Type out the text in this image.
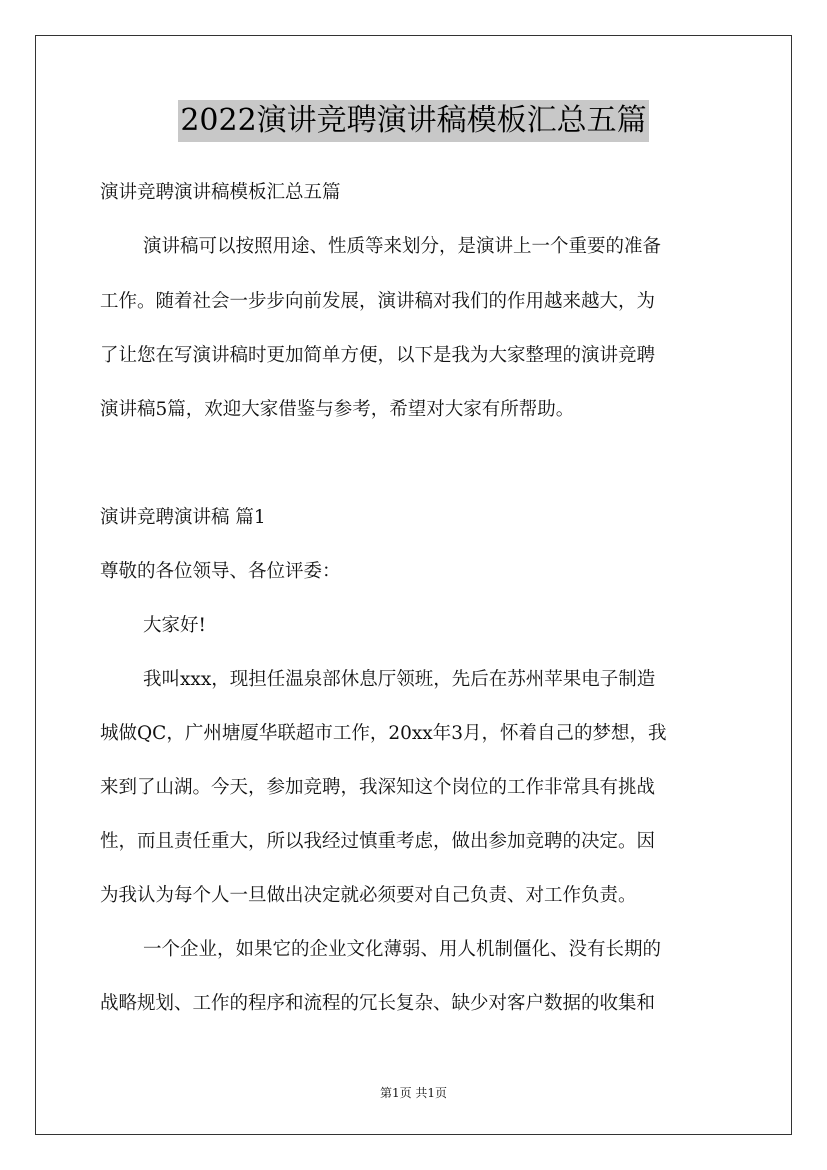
2022演讲竞聘演讲稿模板汇总五篇
演讲竞聘演讲稿模板汇总五篇
演讲稿可以按照用途、性质等来划分，是演讲上一个重要的准备
工作。随着社会一步步向前发展，演讲稿对我们的作用越来越大，为
了让您在写演讲稿时更加简单方便，以下是我为大家整理的演讲竞聘
演讲稿5篇，欢迎大家借鉴与参考，希望对大家有所帮助。
演讲竞聘演讲稿 篇1
尊敬的各位领导、各位评委：
大家好!
我叫xxx，现担任温泉部休息厅领班，先后在苏州苹果电子制造
城做QC，广州塘厦华联超市工作，20xx年3月，怀着自己的梦想，我
来到了山湖。今天，参加竞聘，我深知这个岗位的工作非常具有挑战
性，而且责任重大，所以我经过慎重考虑，做出参加竞聘的决定。因
为我认为每个人一旦做出决定就必须要对自己负责、对工作负责。
一个企业，如果它的企业文化薄弱、用人机制僵化、没有长期的
战略规划、工作的程序和流程的冗长复杂、缺少对客户数据的收集和
第1页 共1页
